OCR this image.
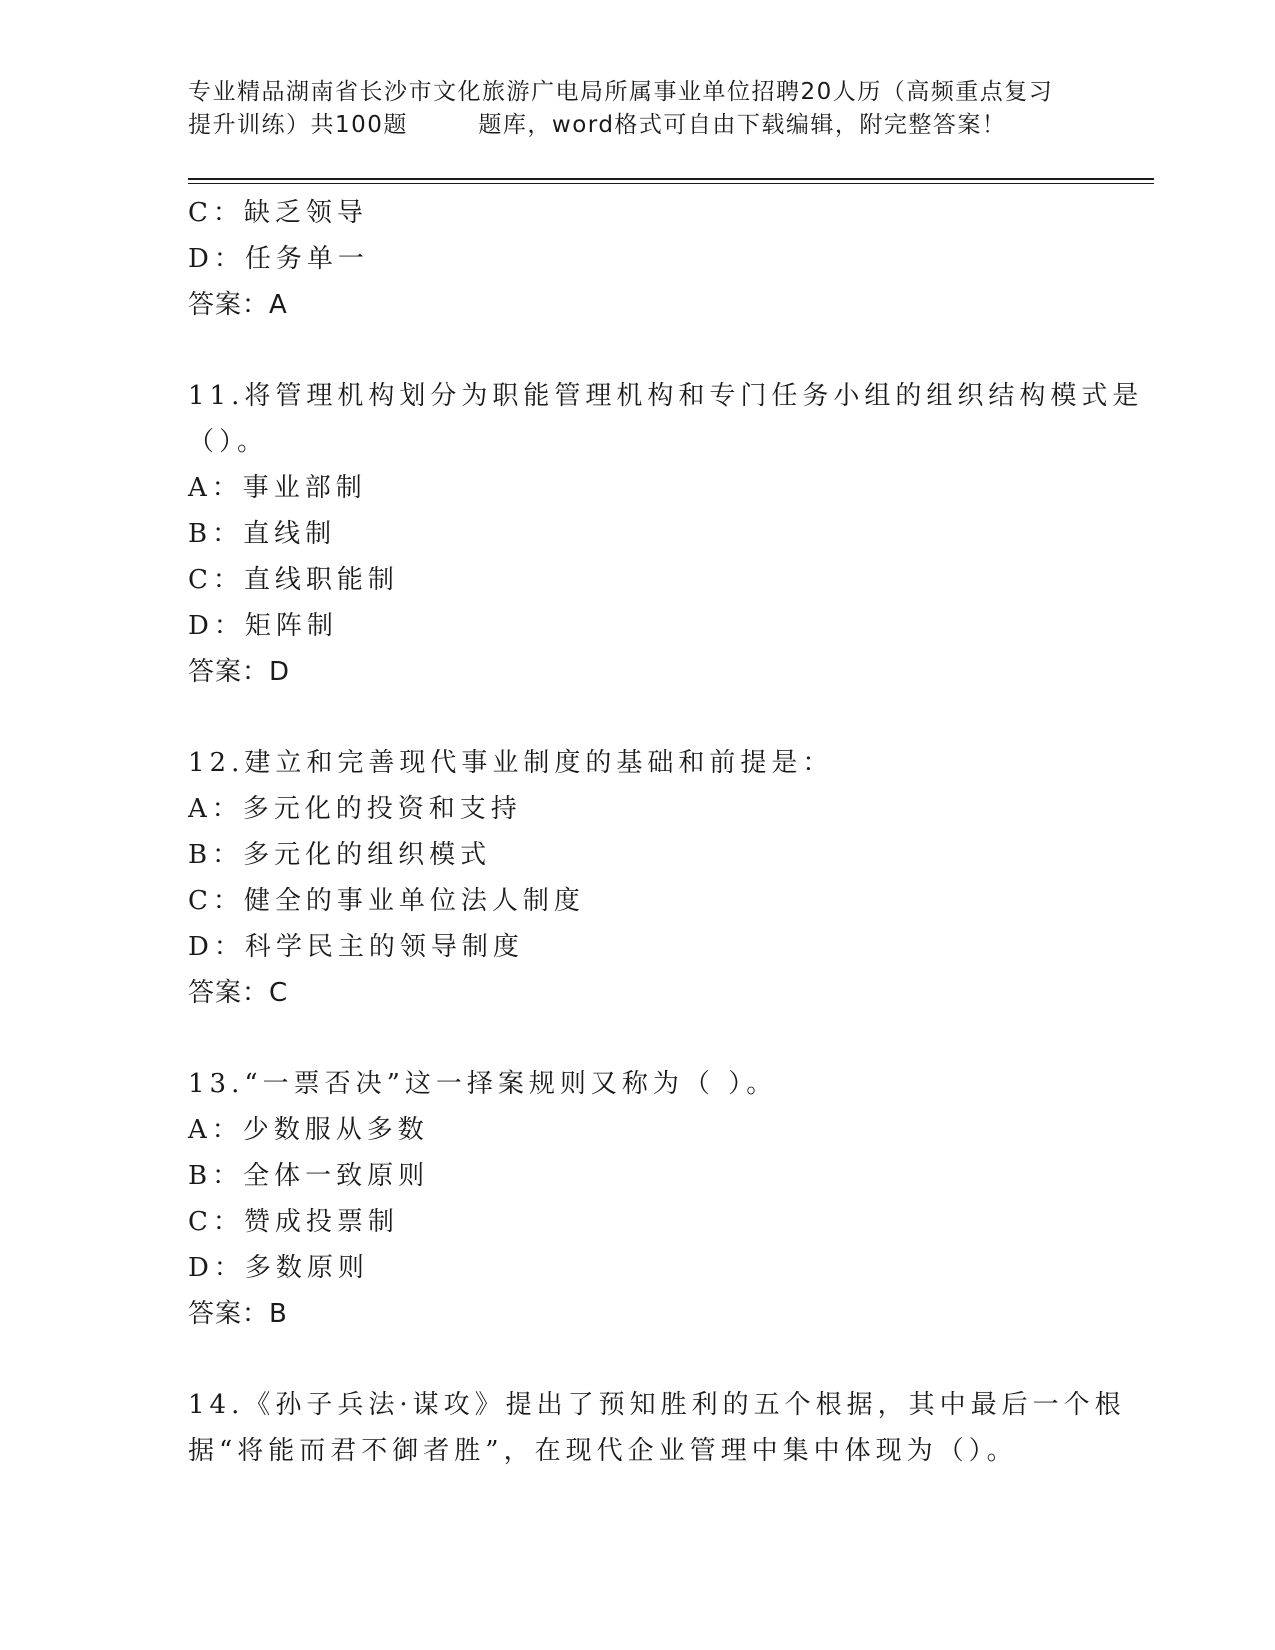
专业精品湖南省长沙市文化旅游广电局所属事业单位招聘20人历（高频重点复习
提升训练）共100题        题库，word格式可自由下载编辑，附完整答案！
C：缺乏领导
D：任务单一
答案：A
11.将管理机构划分为职能管理机构和专门任务小组的组织结构模式是
（）。
A：事业部制
B：直线制
C：直线职能制
D：矩阵制
答案：D
12.建立和完善现代事业制度的基础和前提是：
A：多元化的投资和支持
B：多元化的组织模式
C：健全的事业单位法人制度
D：科学民主的领导制度
答案：C
13.“一票否决”这一择案规则又称为（ ）。
A：少数服从多数
B：全体一致原则
C：赞成投票制
D：多数原则
答案：B
14.《孙子兵法·谋攻》提出了预知胜利的五个根据，其中最后一个根
据“将能而君不御者胜”，在现代企业管理中集中体现为（）。
